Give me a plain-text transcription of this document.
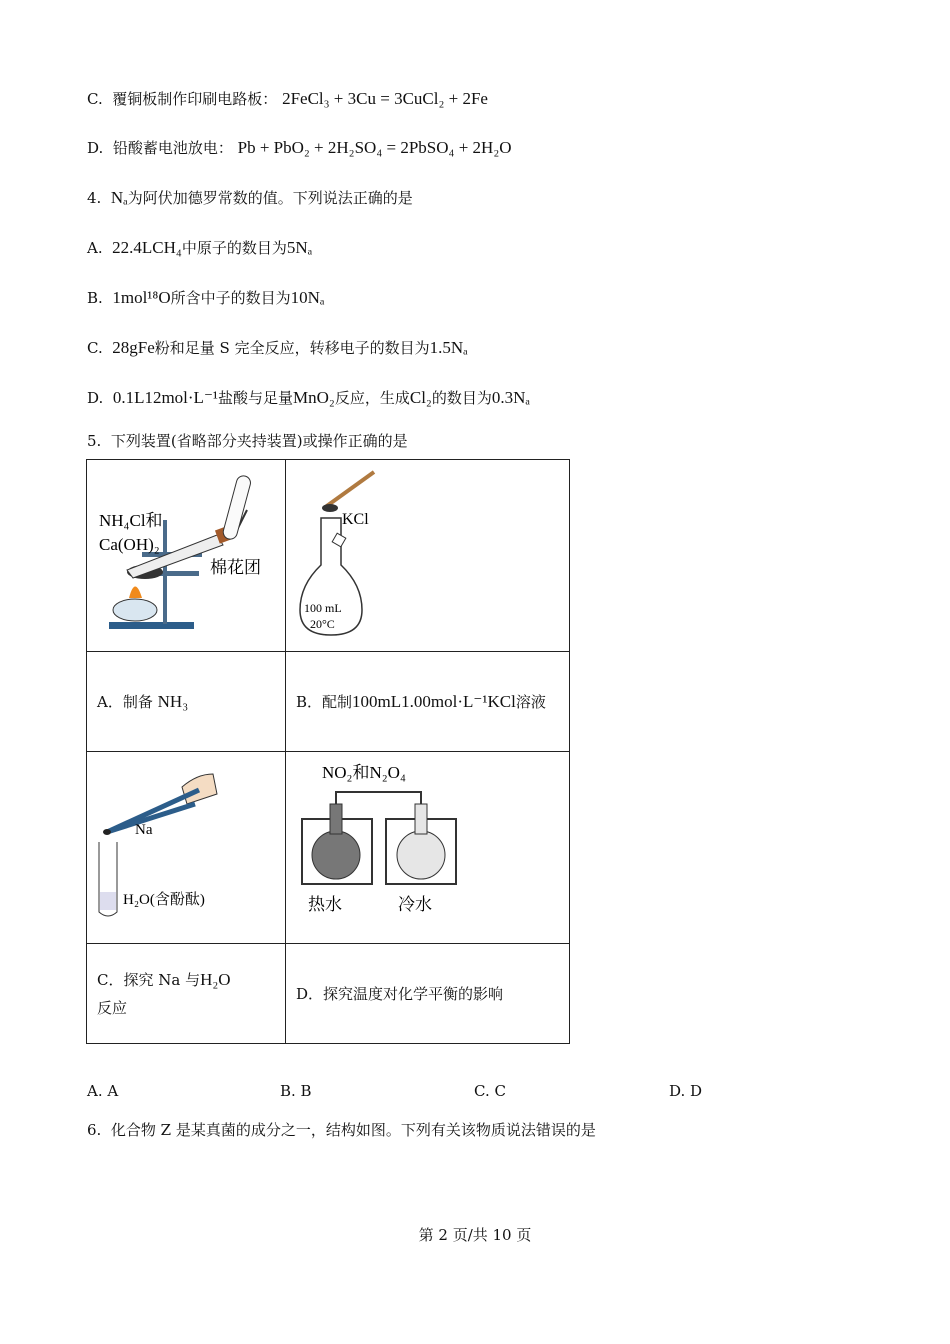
C. 覆铜板制作印刷电路板： 2FeCl₃ + 3Cu = 3CuCl₂ + 2Fe
D. 铅酸蓄电池放电： Pb + PbO₂ + 2H₂SO₄ = 2PbSO₄ + 2H₂O
4. Nₐ为阿伏加德罗常数的值。下列说法正确的是
A. 22.4LCH₄中原子的数目为5Nₐ
B. 1mol¹⁸O所含中子的数目为10Nₐ
C. 28gFe粉和足量 S 完全反应，转移电子的数目为1.5Nₐ
D. 0.1L12mol·L⁻¹盐酸与足量MnO₂反应，生成Cl₂的数目为0.3Nₐ
5. 下列装置(省略部分夹持装置)或操作正确的是
NH₄Cl和
Ca(OH)₂
棉花团	KCl
100 mL
20°C

A．制备 NH₃	B．配制100mL1.00mol·L⁻¹KCl溶液

Na
H₂O(含酚酞)	NO₂和N₂O₄
热水 冷水

C．探究 Na 与H₂O
反应	D．探究温度对化学平衡的影响
A. A	B. B	C. C	D. D
6. 化合物 Z 是某真菌的成分之一，结构如图。下列有关该物质说法错误的是
第 2 页/共 10 页
